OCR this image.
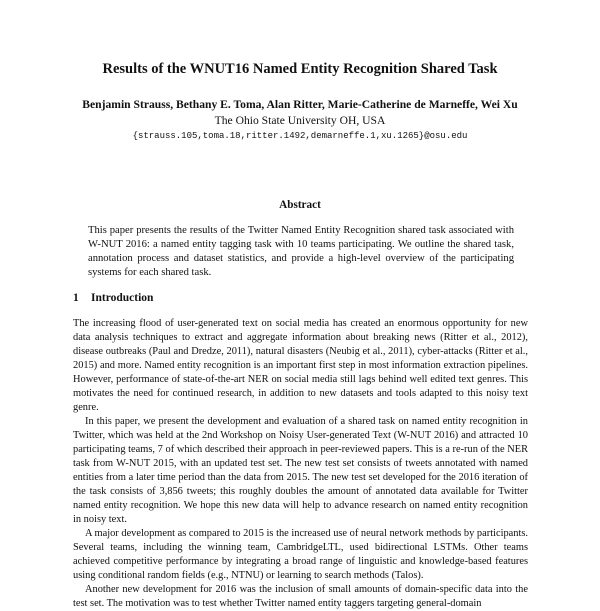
Results of the WNUT16 Named Entity Recognition Shared Task
Benjamin Strauss, Bethany E. Toma, Alan Ritter, Marie-Catherine de Marneffe, Wei Xu
The Ohio State University OH, USA
{strauss.105,toma.18,ritter.1492,demarneffe.1,xu.1265}@osu.edu
Abstract

This paper presents the results of the Twitter Named Entity Recognition shared task associated with W-NUT 2016: a named entity tagging task with 10 teams participating. We outline the shared task, annotation process and dataset statistics, and provide a high-level overview of the participating systems for each shared task.

1 Introduction

The increasing flood of user-generated text on social media has created an enormous opportunity for new data analysis techniques to extract and aggregate information about breaking news (Ritter et al., 2012), disease outbreaks (Paul and Dredze, 2011), natural disasters (Neubig et al., 2011), cyber-attacks (Ritter et al., 2015) and more. Named entity recognition is an important first step in most information extraction pipelines. However, performance of state-of-the-art NER on social media still lags behind well edited text genres. This motivates the need for continued research, in addition to new datasets and tools adapted to this noisy text genre.

In this paper, we present the development and evaluation of a shared task on named entity recognition in Twitter, which was held at the 2nd Workshop on Noisy User-generated Text (W-NUT 2016) and attracted 10 participating teams, 7 of which described their approach in peer-reviewed papers. This is a re-run of the NER task from W-NUT 2015, with an updated test set. The new test set consists of tweets annotated with named entities from a later time period than the data from 2015. The new test set developed for the 2016 iteration of the task consists of 3,856 tweets; this roughly doubles the amount of annotated data available for Twitter named entity recognition. We hope this new data will help to advance research on named entity recognition in noisy text.

A major development as compared to 2015 is the increased use of neural network methods by participants. Several teams, including the winning team, CambridgeLTL, used bidirectional LSTMs. Other teams achieved competitive performance by integrating a broad range of linguistic and knowledge-based features using conditional random fields (e.g., NTNU) or learning to search methods (Talos).

Another new development for 2016 was the inclusion of small amounts of domain-specific data into the test set. The motivation was to test whether Twitter named entity taggers targeting general-domain
